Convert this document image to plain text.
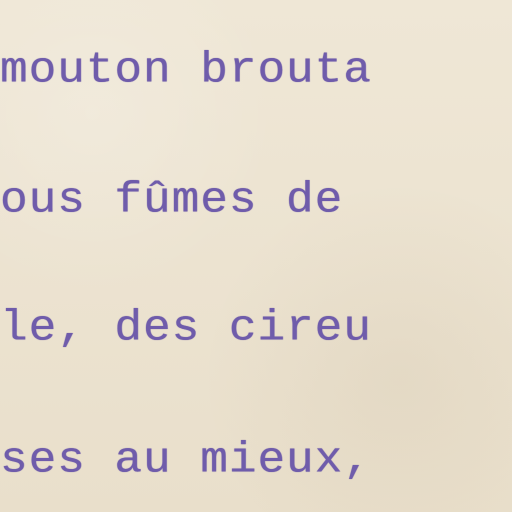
mouton brouta
ous fûmes de
le, des cireu
ses au mieux,
